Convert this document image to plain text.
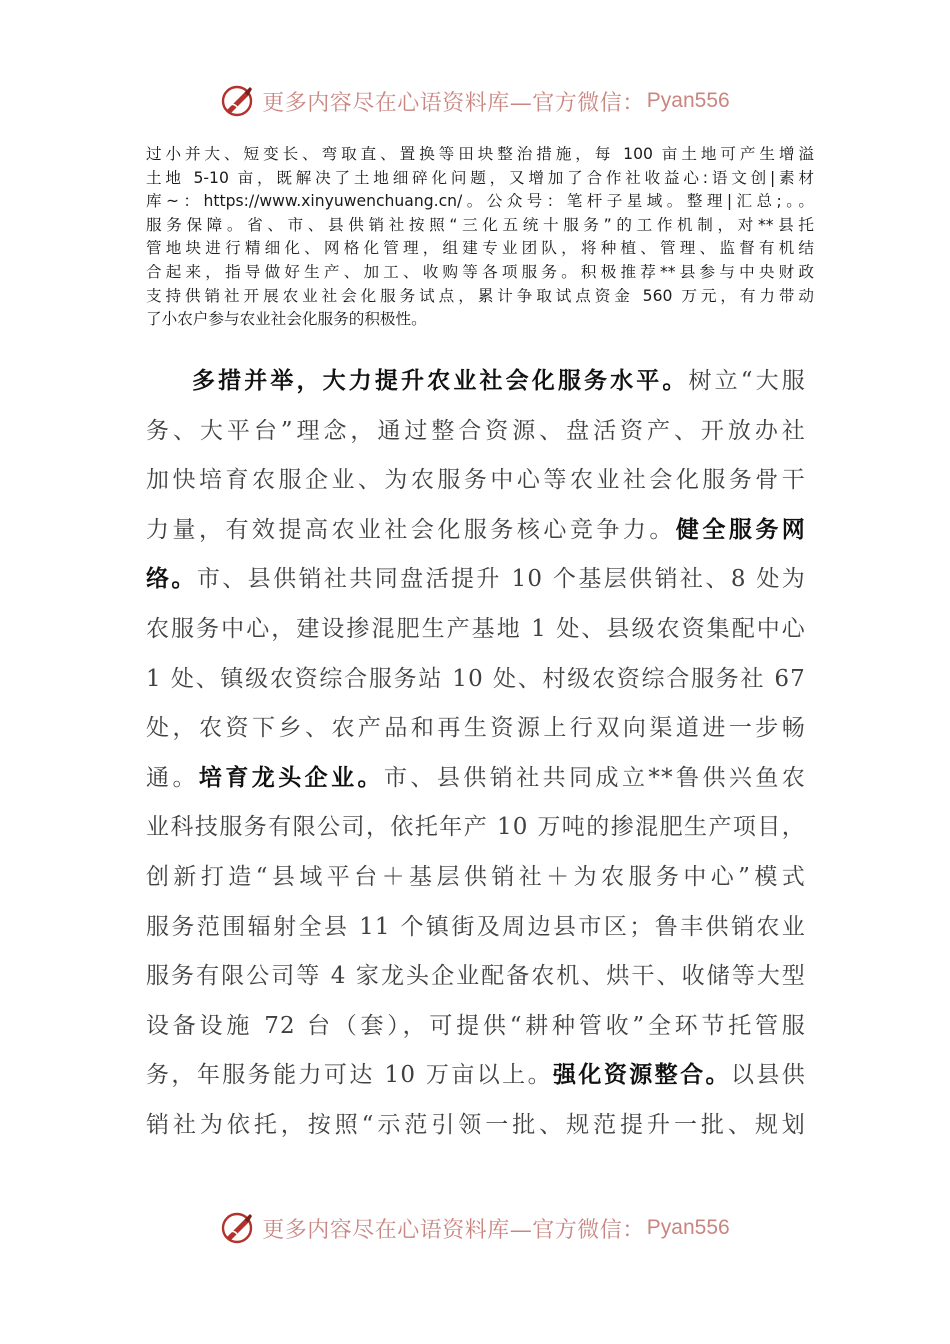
更多内容尽在心语资料库—官方微信： Pyan556
过小并大、短变长、弯取直、置换等田块整治措施，每 100 亩土地可产生增溢
土地 5-10 亩，既解决了土地细碎化问题，又增加了合作社收益心:语文创|素材
库~：https://www.xinyuwenchuang.cn/。公众号：笔杆子星域。整理|汇总;。。
服务保障。省、市、县供销社按照“三化五统十服务”的工作机制，对**县托
管地块进行精细化、网格化管理，组建专业团队，将种植、管理、监督有机结
合起来，指导做好生产、加工、收购等各项服务。积极推荐**县参与中央财政
支持供销社开展农业社会化服务试点，累计争取试点资金 560 万元，有力带动
了小农户参与农业社会化服务的积极性。
多措并举，大力提升农业社会化服务水平。树立“大服
务、大平台”理念，通过整合资源、盘活资产、开放办社
加快培育农服企业、为农服务中心等农业社会化服务骨干
力量，有效提高农业社会化服务核心竞争力。健全服务网
络。市、县供销社共同盘活提升 10 个基层供销社、8 处为
农服务中心，建设掺混肥生产基地 1 处、县级农资集配中心
1 处、镇级农资综合服务站 10 处、村级农资综合服务社 67
处，农资下乡、农产品和再生资源上行双向渠道进一步畅
通。培育龙头企业。市、县供销社共同成立**鲁供兴鱼农
业科技服务有限公司，依托年产 10 万吨的掺混肥生产项目，
创新打造“县域平台＋基层供销社＋为农服务中心”模式
服务范围辐射全县 11 个镇街及周边县市区；鲁丰供销农业
服务有限公司等 4 家龙头企业配备农机、烘干、收储等大型
设备设施 72 台（套），可提供“耕种管收”全环节托管服
务，年服务能力可达 10 万亩以上。强化资源整合。以县供
销社为依托，按照“示范引领一批、规范提升一批、规划
更多内容尽在心语资料库—官方微信： Pyan556
